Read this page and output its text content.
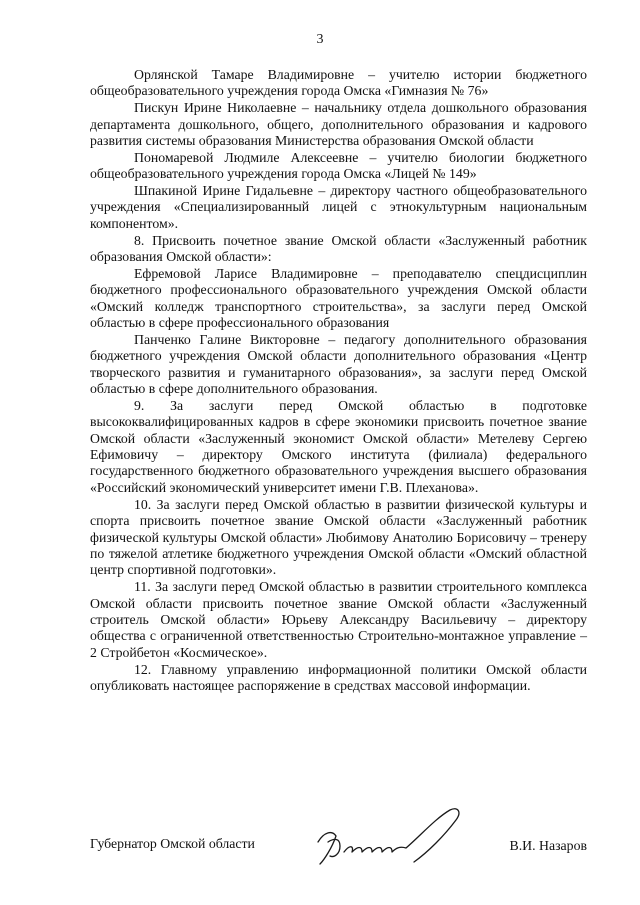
3

Орлянской Тамаре Владимировне – учителю истории бюджетного общеобразовательного учреждения города Омска «Гимназия № 76»

Пискун Ирине Николаевне – начальнику отдела дошкольного образования департамента дошкольного, общего, дополнительного образования и кадрового развития системы образования Министерства образования Омской области

Пономаревой Людмиле Алексеевне – учителю биологии бюджетного общеобразовательного учреждения города Омска «Лицей № 149»

Шпакиной Ирине Гидальевне – директору частного общеобразовательного учреждения «Специализированный лицей с этнокультурным национальным компонентом».

8. Присвоить почетное звание Омской области «Заслуженный работник образования Омской области»:

Ефремовой Ларисе Владимировне – преподавателю спецдисциплин бюджетного профессионального образовательного учреждения Омской области «Омский колледж транспортного строительства», за заслуги перед Омской областью в сфере профессионального образования

Панченко Галине Викторовне – педагогу дополнительного образования бюджетного учреждения Омской области дополнительного образования «Центр творческого развития и гуманитарного образования», за заслуги перед Омской областью в сфере дополнительного образования.

9. За заслуги перед Омской областью в подготовке высококвалифицированных кадров в сфере экономики присвоить почетное звание Омской области «Заслуженный экономист Омской области» Метелеву Сергею Ефимовичу – директору Омского института (филиала) федерального государственного бюджетного образовательного учреждения высшего образования «Российский экономический университет имени Г.В. Плеханова».

10. За заслуги перед Омской областью в развитии физической культуры и спорта присвоить почетное звание Омской области «Заслуженный работник физической культуры Омской области» Любимову Анатолию Борисовичу – тренеру по тяжелой атлетике бюджетного учреждения Омской области «Омский областной центр спортивной подготовки».

11. За заслуги перед Омской областью в развитии строительного комплекса Омской области присвоить почетное звание Омской области «Заслуженный строитель Омской области» Юрьеву Александру Васильевичу – директору общества с ограниченной ответственностью Строительно-монтажное управление – 2 Стройбетон «Космическое».

12. Главному управлению информационной политики Омской области опубликовать настоящее распоряжение в средствах массовой информации.

Губернатор Омской области	В.И. Назаров
